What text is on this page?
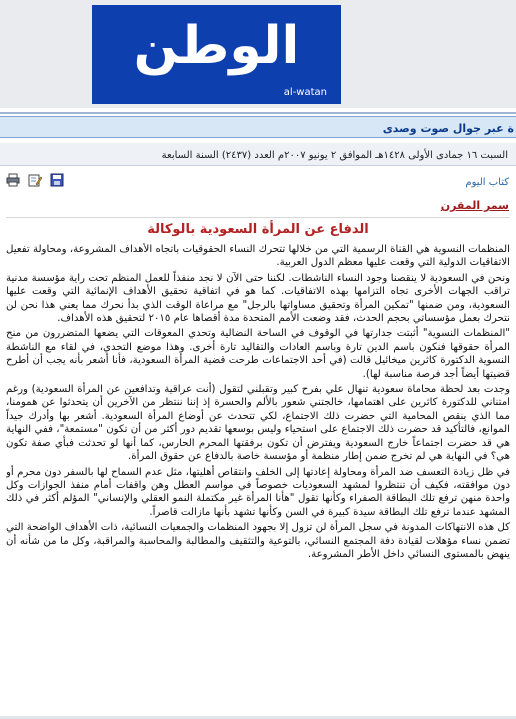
الوطن
al-watan
ة عبر جوال صوت وصدى
السبت ١٦ جمادى الأولى ١٤٢٨هـ الموافق ٢ يونيو ٢٠٠٧م العدد (٢٤٣٧) السنة السابعة
كتاب اليوم
سمر المقرن
الدفاع عن المرأة السعودية بالوكالة

المنظمات النسوية هي القناة الرسمية التي من خلالها تتحرك النساء الحقوقيات باتجاه الأهداف المشروعة، ومحاولة تفعيل الاتفاقيات الدولية التي وقعت عليها معظم الدول العربية.

ونحن في السعودية لا ينقصنا وجود النساء الناشطات. لكننا حتى الآن لا نجد منفذاً للعمل المنظم تحت راية مؤسسة مدنية تراقب الجهات الأخرى تجاه التزامها بهذه الاتفاقيات. كما هو في اتفاقية تحقيق الأهداف الإنمائية التي وقعت عليها السعودية، ومن ضمنها "تمكين المرأة وتحقيق مساواتها بالرجل" مع مراعاة الوقت الذي بدأ نحرك مما يعني هذا نحن لن نتحرك بعمل مؤسساتي بحجم الحدث، فقد وضعت الأمم المتحدة مدة أقصاها عام ٢٠١٥ لتحقيق هذه الأهداف.

"المنظمات النسوية" أثبتت جدارتها في الوقوف في الساحة النضالية وتحدي المعوقات التي يضعها المتضررون من منح المرأة حقوقها فنكون باسم الدين تارة وباسم العادات والتقاليد تارة أخرى. وهذا موضع التحدي، في لقاء مع الناشطة النسوية الدكتورة كاثرين ميخائيل قالت (في أحد الاجتماعات طرحت قضية المرأة السعودية، فأنا أشعر بأنه يجب أن أطرح قضيتها أيضاً أجد فرصة مناسبة لها).

وجدت بعد لحظة محاماة سعودية تنهال علي بفرح كبير وتقبلني لتقول (أنت عراقية وتدافعين عن المرأة السعودية) ورغم امتناني للدكتورة كاثرين على اهتمامها، خالجتني شعور بالألم والحسرة إذ إننا ننتظر من الآخرين أن يتحدثوا عن همومنا، مما الذي ينقص المحامية التي حضرت ذلك الاجتماع، لكي تتحدث عن أوضاع المرأة السعودية. أشعر بها وأدرك جيداً الموانع، فالتأكيد قد حضرت ذلك الاجتماع على استحياء وليس بوسعها تقديم دور أكثر من أن تكون "مستمعة"، ففي النهاية هي قد حضرت اجتماعاً خارج السعودية ويفترض أن تكون برفقتها المحرم الحارس، كما أنها لو تحدثت فبأي صفة تكون هي؟ في النهاية هي لم تخرج ضمن إطار منظمة أو مؤسسة خاصة بالدفاع عن حقوق المرأة.

في ظل زيادة التعسف ضد المرأة ومحاولة إعادتها إلى الخلف وانتقاص أهليتها، مثل عدم السماح لها بالسفر دون محرم أو دون موافقته، فكيف أن تنتظروا لمشهد السعوديات خصوصاً في مواسم العطل وهن واقفات أمام منفذ الجوازات وكل واحدة منهن ترفع تلك البطاقة الصفراء وكأنها تقول "هأنا المرأة غير مكتملة النمو العقلي والإنساني" المؤلم أكثر في ذلك المشهد عندما ترفع تلك البطاقة سيدة كبيرة في السن وكأنها تشهد بأنها مازالت قاصراً.

كل هذه الانتهاكات المدونة في سجل المرأة لن تزول إلا بجهود المنظمات والجمعيات النسائية، ذات الأهداف الواضحة التي تضمن نساء مؤهلات لقيادة دفة المجتمع النسائي، بالتوعية والتثقيف والمطالبة والمحاسبة والمراقبة، وكل ما من شأنه أن ينهض بالمستوى النسائي داخل الأطر المشروعة.
